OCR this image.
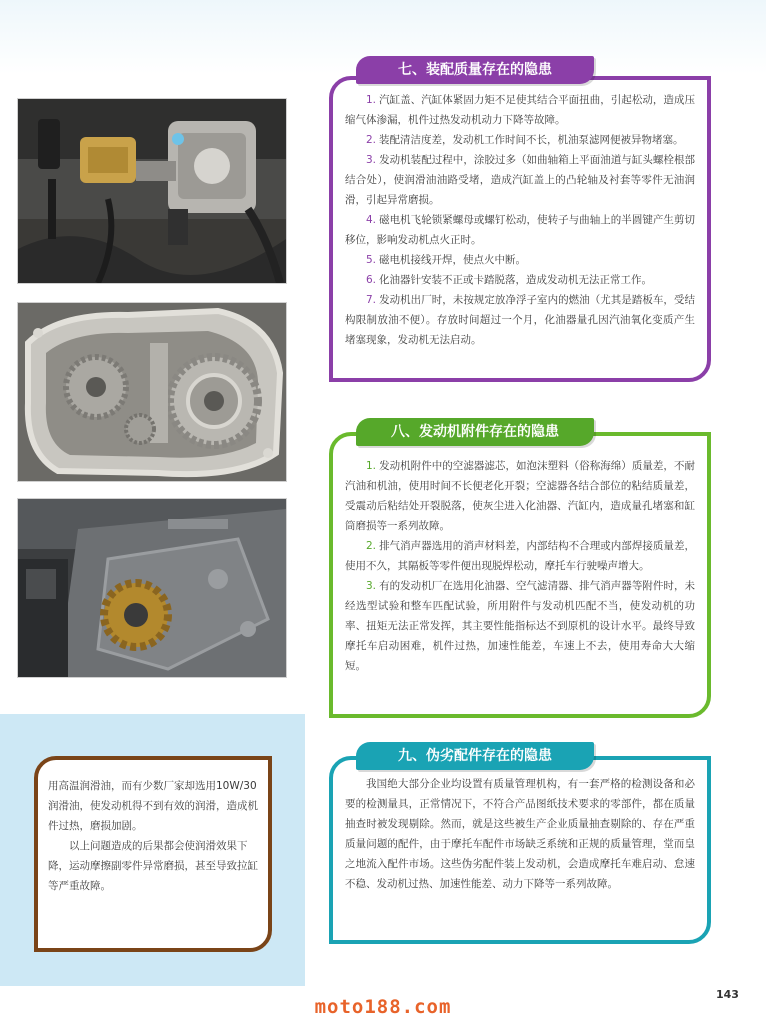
1. 汽缸盖、汽缸体紧固力矩不足使其结合平面扭曲，引起松动，造成压缩气体渗漏，机件过热发动机动力下降等故障。
2. 装配清洁度差，发动机工作时间不长，机油泵滤网便被异物堵塞。
3. 发动机装配过程中，涂胶过多（如曲轴箱上平面油道与缸头螺栓根部结合处），使润滑油油路受堵，造成汽缸盖上的凸轮轴及衬套等零件无油润滑，引起异常磨损。
4. 磁电机飞轮锁紧螺母或螺钉松动，使转子与曲轴上的半圆键产生剪切移位，影响发动机点火正时。
5. 磁电机接线开焊，使点火中断。
6. 化油器针安装不正或卡踏脱落，造成发动机无法正常工作。
7. 发动机出厂时，未按规定放净浮子室内的燃油（尤其是踏板车，受结构限制放油不便）。存放时间超过一个月，化油器量孔因汽油氧化变质产生堵塞现象，发动机无法启动。
七、装配质量存在的隐患
1. 发动机附件中的空滤器滤芯，如泡沫塑料（俗称海绵）质量差，不耐汽油和机油，使用时间不长便老化开裂；空滤器各结合部位的粘结质量差，受震动后粘结处开裂脱落，使灰尘进入化油器、汽缸内，造成量孔堵塞和缸筒磨损等一系列故障。
2. 排气消声器选用的消声材料差，内部结构不合理或内部焊接质量差，使用不久，其隔板等零件便出现脱焊松动，摩托车行驶噪声增大。
3. 有的发动机厂在选用化油器、空气滤清器、排气消声器等附件时，未经选型试验和整车匹配试验，所用附件与发动机匹配不当，使发动机的功率、扭矩无法正常发挥，其主要性能指标达不到原机的设计水平。最终导致摩托车启动困难，机件过热，加速性能差，车速上不去，使用寿命大大缩短。
八、发动机附件存在的隐患
我国绝大部分企业均设置有质量管理机构，有一套严格的检测设备和必要的检测量具，正常情况下，不符合产品图纸技术要求的零部件，都在质量抽查时被发现剔除。然而，就是这些被生产企业质量抽查剔除的、存在严重质量问题的配件，由于摩托车配件市场缺乏系统和正规的质量管理，堂而皇之地流入配件市场。这些伪劣配件装上发动机，会造成摩托车难启动、怠速不稳、发动机过热、加速性能差、动力下降等一系列故障。
九、伪劣配件存在的隐患
用高温润滑油，而有少数厂家却选用10W/30 润滑油，使发动机得不到有效的润滑，造成机件过热，磨损加剧。
以上问题造成的后果都会使润滑效果下降，运动摩擦副零件异常磨损，甚至导致拉缸等严重故障。
moto188.com
143
